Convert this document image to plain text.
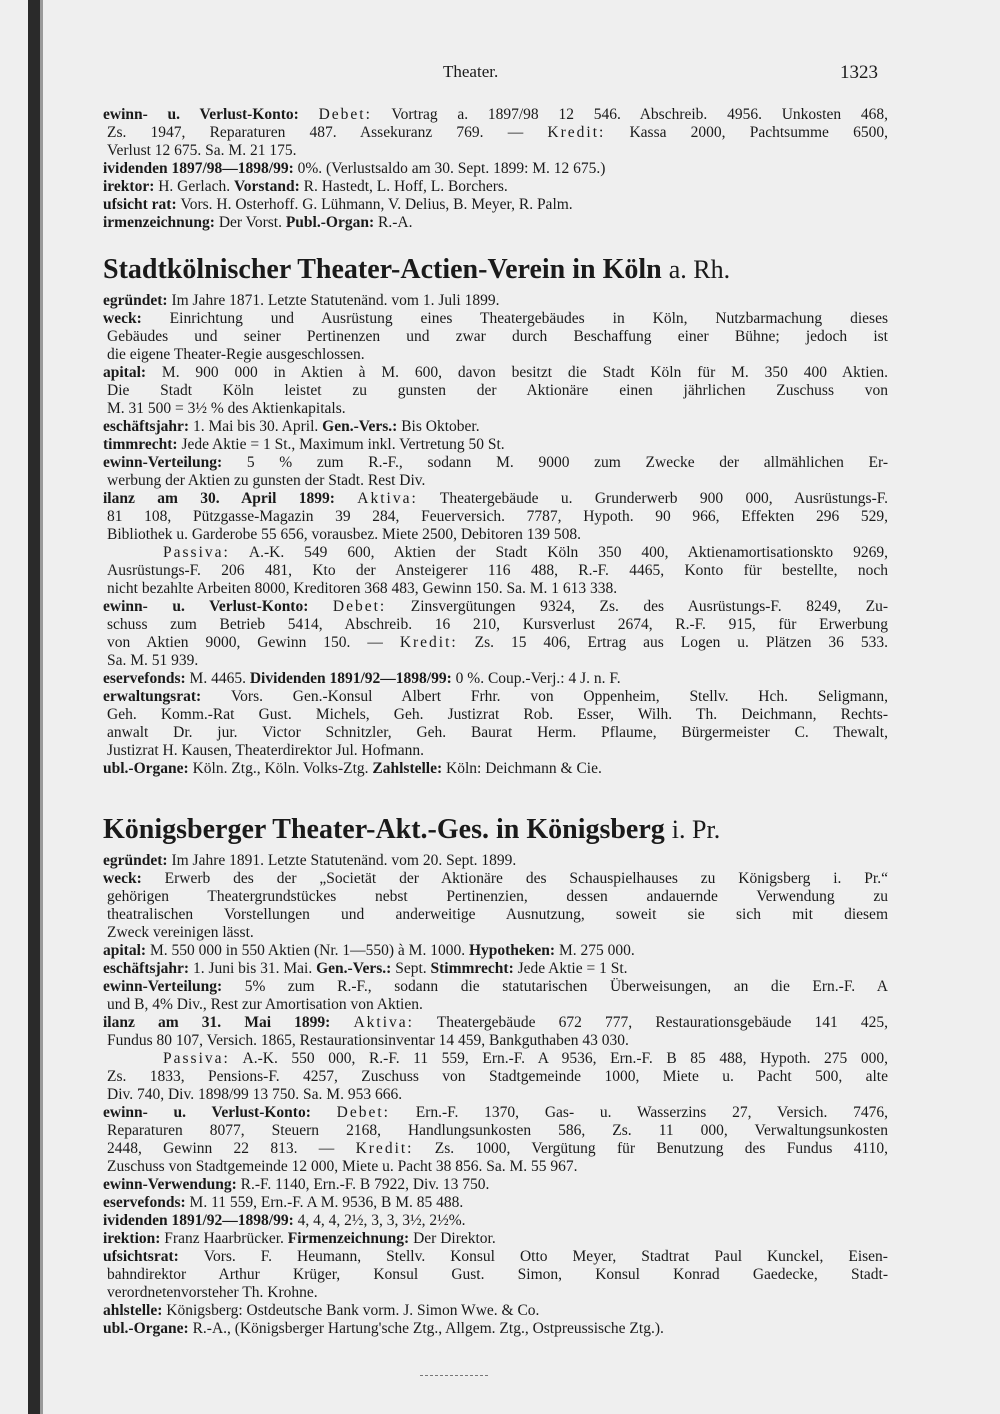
Theater.	1323
ewinn- u. Verlust-Konto: Debet: Vortrag a. 1897/98 12 546. Abschreib. 4956. Unkosten 468,
Zs. 1947, Reparaturen 487. Assekuranz 769. — Kredit: Kassa 2000, Pachtsumme 6500,
Verlust 12 675. Sa. M. 21 175.
ividenden 1897/98—1898/99: 0%. (Verlustsaldo am 30. Sept. 1899: M. 12 675.)
irektor: H. Gerlach. Vorstand: R. Hastedt, L. Hoff, L. Borchers.
ufsicht rat: Vors. H. Osterhoff. G. Lühmann, V. Delius, B. Meyer, R. Palm.
irmenzeichnung: Der Vorst. Publ.-Organ: R.-A.
Stadtkölnischer Theater-Actien-Verein in Köln a. Rh.
egründet: Im Jahre 1871. Letzte Statutenänd. vom 1. Juli 1899.
weck: Einrichtung und Ausrüstung eines Theatergebäudes in Köln, Nutzbarmachung dieses
Gebäudes und seiner Pertinenzen und zwar durch Beschaffung einer Bühne; jedoch ist
die eigene Theater-Regie ausgeschlossen.
apital: M. 900 000 in Aktien à M. 600, davon besitzt die Stadt Köln für M. 350 400 Aktien.
Die Stadt Köln leistet zu gunsten der Aktionäre einen jährlichen Zuschuss von
M. 31 500 = 3½ % des Aktienkapitals.
eschäftsjahr: 1. Mai bis 30. April. Gen.-Vers.: Bis Oktober.
timmrecht: Jede Aktie = 1 St., Maximum inkl. Vertretung 50 St.
ewinn-Verteilung: 5 % zum R.-F., sodann M. 9000 zum Zwecke der allmählichen Er-
werbung der Aktien zu gunsten der Stadt. Rest Div.
ilanz am 30. April 1899: Aktiva: Theatergebäude u. Grunderwerb 900 000, Ausrüstungs-F.
81 108, Pützgasse-Magazin 39 284, Feuerversich. 7787, Hypoth. 90 966, Effekten 296 529,
Bibliothek u. Garderobe 55 656, vorausbez. Miete 2500, Debitoren 139 508.
Passiva: A.-K. 549 600, Aktien der Stadt Köln 350 400, Aktienamortisationskto 9269,
Ausrüstungs-F. 206 481, Kto der Ansteigerer 116 488, R.-F. 4465, Konto für bestellte, noch
nicht bezahlte Arbeiten 8000, Kreditoren 368 483, Gewinn 150. Sa. M. 1 613 338.
ewinn- u. Verlust-Konto: Debet: Zinsvergütungen 9324, Zs. des Ausrüstungs-F. 8249, Zu-
schuss zum Betrieb 5414, Abschreib. 16 210, Kursverlust 2674, R.-F. 915, für Erwerbung
von Aktien 9000, Gewinn 150. — Kredit: Zs. 15 406, Ertrag aus Logen u. Plätzen 36 533.
Sa. M. 51 939.
eservefonds: M. 4465. Dividenden 1891/92—1898/99: 0 %. Coup.-Verj.: 4 J. n. F.
erwaltungsrat: Vors. Gen.-Konsul Albert Frhr. von Oppenheim, Stellv. Hch. Seligmann,
Geh. Komm.-Rat Gust. Michels, Geh. Justizrat Rob. Esser, Wilh. Th. Deichmann, Rechts-
anwalt Dr. jur. Victor Schnitzler, Geh. Baurat Herm. Pflaume, Bürgermeister C. Thewalt,
Justizrat H. Kausen, Theaterdirektor Jul. Hofmann.
ubl.-Organe: Köln. Ztg., Köln. Volks-Ztg. Zahlstelle: Köln: Deichmann & Cie.
Königsberger Theater-Akt.-Ges. in Königsberg i. Pr.
egründet: Im Jahre 1891. Letzte Statutenänd. vom 20. Sept. 1899.
weck: Erwerb des der „Societät der Aktionäre des Schauspielhauses zu Königsberg i. Pr.“
gehörigen Theatergrundstückes nebst Pertinenzien, dessen andauernde Verwendung zu
theatralischen Vorstellungen und anderweitige Ausnutzung, soweit sie sich mit diesem
Zweck vereinigen lässt.
apital: M. 550 000 in 550 Aktien (Nr. 1—550) à M. 1000. Hypotheken: M. 275 000.
eschäftsjahr: 1. Juni bis 31. Mai. Gen.-Vers.: Sept. Stimmrecht: Jede Aktie = 1 St.
ewinn-Verteilung: 5% zum R.-F., sodann die statutarischen Überweisungen, an die Ern.-F. A
und B, 4% Div., Rest zur Amortisation von Aktien.
ilanz am 31. Mai 1899: Aktiva: Theatergebäude 672 777, Restaurationsgebäude 141 425,
Fundus 80 107, Versich. 1865, Restaurationsinventar 14 459, Bankguthaben 43 030.
Passiva: A.-K. 550 000, R.-F. 11 559, Ern.-F. A 9536, Ern.-F. B 85 488, Hypoth. 275 000,
Zs. 1833, Pensions-F. 4257, Zuschuss von Stadtgemeinde 1000, Miete u. Pacht 500, alte
Div. 740, Div. 1898/99 13 750. Sa. M. 953 666.
ewinn- u. Verlust-Konto: Debet: Ern.-F. 1370, Gas- u. Wasserzins 27, Versich. 7476,
Reparaturen 8077, Steuern 2168, Handlungsunkosten 586, Zs. 11 000, Verwaltungsunkosten
2448, Gewinn 22 813. — Kredit: Zs. 1000, Vergütung für Benutzung des Fundus 4110,
Zuschuss von Stadtgemeinde 12 000, Miete u. Pacht 38 856. Sa. M. 55 967.
ewinn-Verwendung: R.-F. 1140, Ern.-F. B 7922, Div. 13 750.
eservefonds: M. 11 559, Ern.-F. A M. 9536, B M. 85 488.
ividenden 1891/92—1898/99: 4, 4, 4, 2½, 3, 3, 3½, 2½%.
irektion: Franz Haarbrücker. Firmenzeichnung: Der Direktor.
ufsichtsrat: Vors. F. Heumann, Stellv. Konsul Otto Meyer, Stadtrat Paul Kunckel, Eisen-
bahndirektor Arthur Krüger, Konsul Gust. Simon, Konsul Konrad Gaedecke, Stadt-
verordnetenvorsteher Th. Krohne.
ahlstelle: Königsberg: Ostdeutsche Bank vorm. J. Simon Wwe. & Co.
ubl.-Organe: R.-A., (Königsberger Hartung'sche Ztg., Allgem. Ztg., Ostpreussische Ztg.).
